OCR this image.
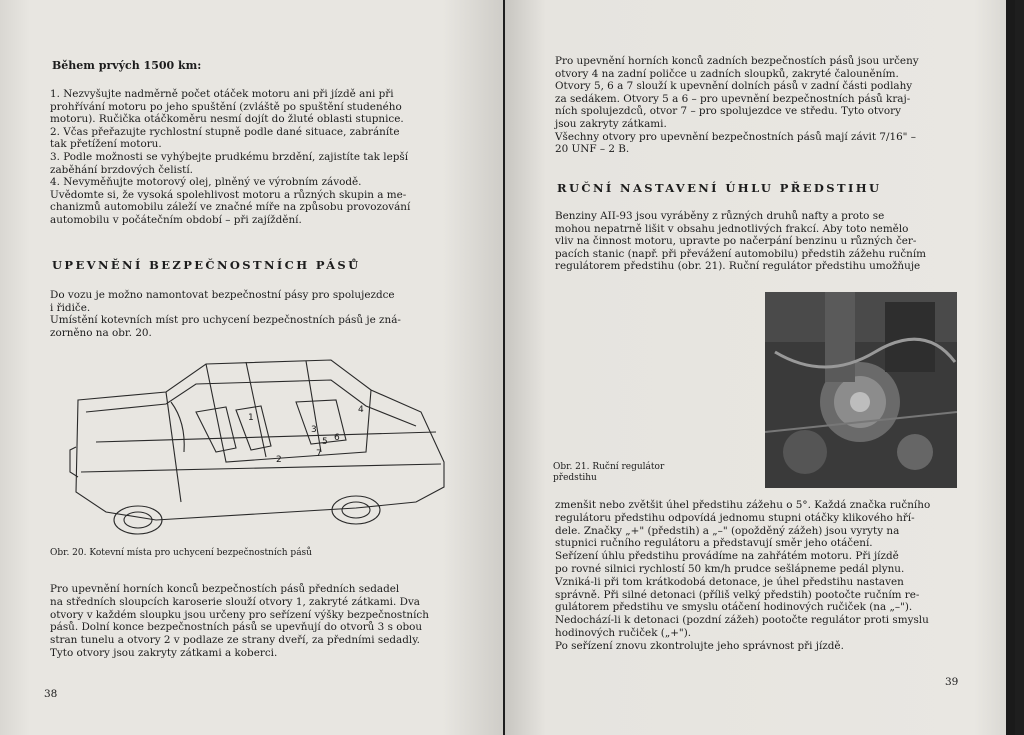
Během prvých 1500 km:
1. Nezvyšujte nadměrně počet otáček motoru ani při jízdě ani při
prohřívání motoru po jeho spuštění (zvláště po spuštění studeného
motoru). Ručička otáčkoměru nesmí dojít do žluté oblasti stupnice.
2. Včas přeřazujte rychlostní stupně podle dané situace, zabráníte
tak přetížení motoru.
3. Podle možnosti se vyhýbejte prudkému brzdění, zajistíte tak lepší
zaběhání brzdových čelistí.
4. Nevyměňujte motorový olej, plněný ve výrobním závodě.
Uvědomte si, že vysoká spolehlivost motoru a různých skupin a me-
chanizmů automobilu záleží ve značné míře na způsobu provozování
automobilu v počátečním období – při zajíždění.
UPEVNĚNÍ BEZPEČNOSTNÍCH PÁSŮ
Do vozu je možno namontovat bezpečnostní pásy pro spolujezdce
i řidiče.
Umístění kotevních míst pro uchycení bezpečnostních pásů je zná-
zorněno na obr. 20.
1
2
3
4
5 6
7
Obr. 20. Kotevní místa pro uchycení bezpečnostních pásů
Pro upevnění horních konců bezpečnostích pásů předních sedadel
na středních sloupcích karoserie slouží otvory 1, zakryté zátkami. Dva
otvory v každém sloupku jsou určeny pro seřízení výšky bezpečnostních
pásů. Dolní konce bezpečnostních pásů se upevňují do otvorů 3 s obou
stran tunelu a otvory 2 v podlaze ze strany dveří, za předními sedadly.
Tyto otvory jsou zakryty zátkami a koberci.
38
Pro upevnění horních konců zadních bezpečnostích pásů jsou určeny
otvory 4 na zadní poličce u zadních sloupků, zakryté čalouněním.
Otvory 5, 6 a 7 slouží k upevnění dolních pásů v zadní části podlahy
za sedákem. Otvory 5 a 6 – pro upevnění bezpečnostních pásů kraj-
ních spolujezdců, otvor 7 – pro spolujezdce ve středu. Tyto otvory
jsou zakryty zátkami.
Všechny otvory pro upevnění bezpečnostních pásů mají závit 7/16" –
20 UNF – 2 B.
RUČNÍ NASTAVENÍ ÚHLU PŘEDSTIHU
Benziny AII-93 jsou vyráběny z různých druhů nafty a proto se
mohou nepatrně lišit v obsahu jednotlivých frakcí. Aby toto nemělo
vliv na činnost motoru, upravte po načerpání benzinu u různých čer-
pacích stanic (např. při převážení automobilu) předstih zážehu ručním
regulátorem předstihu (obr. 21). Ruční regulátor předstihu umožňuje
Obr. 21. Ruční regulátor
předstihu
zmenšit nebo zvětšit úhel předstihu zážehu o 5°. Každá značka ručního
regulátoru předstihu odpovídá jednomu stupni otáčky klikového hří-
dele. Značky „+" (předstih) a „–" (opožděný zážeh) jsou vyryty na
stupnici ručního regulátoru a představují směr jeho otáčení.
Seřízení úhlu předstihu provádíme na zahřátém motoru. Při jízdě
po rovné silnici rychlostí 50 km/h prudce sešlápneme pedál plynu.
Vzniká-li při tom krátkodobá detonace, je úhel předstihu nastaven
správně. Při silné detonaci (příliš velký předstih) pootočte ručním re-
gulátorem předstihu ve smyslu otáčení hodinových ručiček (na „–").
Nedochází-li k detonaci (pozdní zážeh) pootočte regulátor proti smyslu
hodinových ručiček („+").
Po seřízení znovu zkontrolujte jeho správnost při jízdě.
39
